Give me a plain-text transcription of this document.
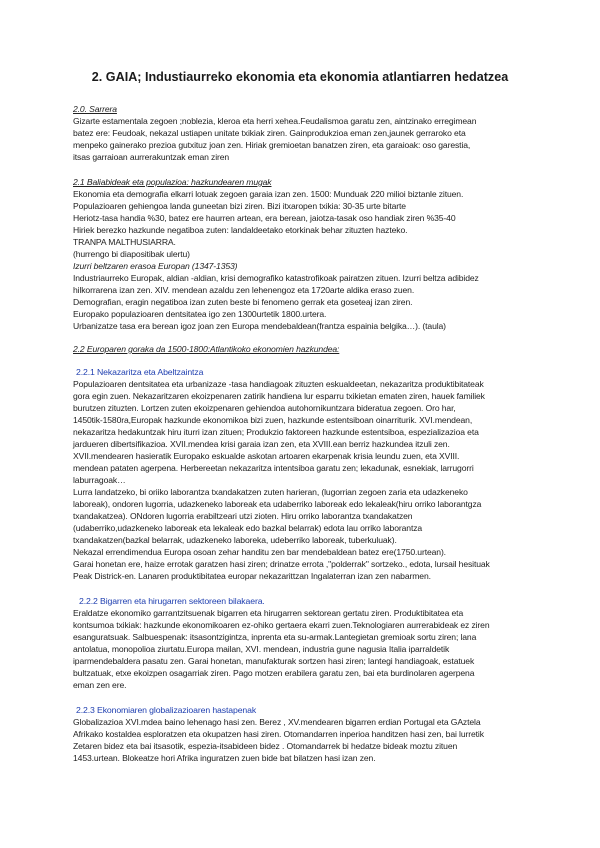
2. GAIA; Industiaurreko ekonomia eta ekonomia atlantiarren hedatzea
2.0. Sarrera
Gizarte estamentala zegoen ;noblezia, kleroa eta herri xehea.Feudalismoa garatu zen, aintzinako erregimean
batez ere: Feudoak, nekazal ustiapen unitate txikiak ziren. Gainprodukzioa eman zen,jaunek gerraroko eta
menpeko gainerako prezioa gutxituz joan zen. Hiriak gremioetan banatzen ziren, eta garaioak: oso garestia,
itsas garraioan aurrerakuntzak eman ziren
2.1 Baliabideak eta populazioa: hazkundearen mugak
Ekonomia eta demografia elkarri lotuak zegoen garaia izan zen. 1500: Munduak 220 milioi biztanle zituen.
Populazioaren gehiengoa landa guneetan bizi ziren. Bizi itxaropen txikia: 30-35 urte bitarte
Heriotz-tasa handia %30, batez ere haurren artean, era berean, jaiotza-tasak oso handiak ziren %35-40
Hiriek berezko hazkunde negatiboa zuten: landaldeetako etorkinak behar zituzten hazteko.
TRANPA MALTHUSIARRA.
(hurrengo bi diapositibak ulertu)
Izurri beltzaren erasoa Europan (1347-1353)
Industriaurreko Europak, aldian -aldian, krisi demografiko katastrofikoak pairatzen zituen. Izurri beltza adibidez
hilkorrarena izan zen. XIV. mendean azaldu zen lehenengoz eta 1720arte aldika eraso zuen.
Demografian, eragin negatiboa izan zuten beste bi fenomeno gerrak eta goseteaj izan ziren.
Europako populazioaren dentsitatea igo zen 1300urtetik 1800.urtera.
Urbanizatze tasa era berean igoz joan zen Europa mendebaldean(frantza espainia belgika…). (taula)
2.2 Europaren goraka da 1500-1800:Atlantikoko ekonomien hazkundea:
2.2.1 Nekazaritza eta Abeltzaintza
Populazioaren dentsitatea eta urbanizaze -tasa handiagoak zituzten eskualdeetan, nekazaritza produktibitateak
gora egin zuen. Nekazaritzaren ekoizpenaren zatirik handiena lur esparru txikietan ematen ziren, hauek familiek
burutzen zituzten. Lortzen zuten ekoizpenaren gehiendoa autohornikuntzara bideratua zegoen. Oro har,
1450tik-1580ra,Europak hazkunde ekonomikoa bizi zuen, hazkunde estentsiboan oinarriturik. XVI.mendean,
nekazaritza hedakuntzak hiru iturri izan zituen; Produkzio faktoreen hazkunde estentsiboa, espezializazioa eta
jardueren dibertsifikazioa. XVII.mendea krisi garaia izan zen, eta XVIII.ean berriz hazkundea itzuli zen.
XVII.mendearen hasieratik Europako eskualde askotan artoaren ekarpenak krisia leundu zuen, eta XVIII.
mendean pataten agerpena. Herbereetan nekazaritza intentsiboa garatu zen; lekadunak, esnekiak, larrugorri
laburragoak…
Lurra landatzeko, bi oriiko laborantza txandakatzen zuten harieran, (lugorrian zegoen zaria eta udazkeneko
laboreak), ondoren lugorria, udazkeneko laboreak eta udaberriko laboreak edo lekaleak(hiru orriko laborantgza
txandakatzea). ONdoren lugorria erabiltzeari utzi zioten. Hiru orriko laborantza txandakatzen
(udaberriko,udazkeneko laboreak eta lekaleak edo bazkal belarrak) edota lau orriko laborantza
txandakatzen(bazkal belarrak, udazkeneko laboreka, udeberriko laboreak, tuberkuluak).
Nekazal errendimendua Europa osoan zehar handitu zen bar mendebaldean batez ere(1750.urtean).
Garai honetan ere, haize errotak garatzen hasi ziren; drinatze errota ,"polderrak" sortzeko., edota, lursail hesituak
Peak Districk-en. Lanaren produktibitatea europar nekazarittzan Ingalaterran izan zen nabarmen.
2.2.2 Bigarren eta hirugarren sektoreen bilakaera.
Eraldatze ekonomiko garrantzitsuenak bigarren eta hirugarren sektorean gertatu ziren. Produktibitatea eta
kontsumoa txikiak: hazkunde ekonomikoaren ez-ohiko gertaera ekarri zuen.Teknologiaren aurrerabideak ez ziren
esanguratsuak. Salbuespenak: itsasontzigintza, inprenta eta su-armak.Lantegietan gremioak sortu ziren; lana
antolatua, monopolioa ziurtatu.Europa mailan, XVI. mendean, industria gune nagusia Italia iparraldetik
iparmendebaldera pasatu zen. Garai honetan, manufakturak sortzen hasi ziren; lantegi handiagoak, estatuek
bultzatuak, etxe ekoizpen osagarriak ziren. Pago motzen erabilera garatu zen, bai eta burdinolaren agerpena
eman zen ere.
2.2.3 Ekonomiaren globalizazioaren hastapenak
Globalizazioa XVI.mdea baino lehenago hasi zen. Berez , XV.mendearen bigarren erdian Portugal eta GAztela
Afrikako kostaldea esploratzen eta okupatzen hasi ziren. Otomandarren inperioa handitzen hasi zen, bai lurretik
Zetaren bidez eta bai itsasotik, espezia-itsabideen bidez . Otomandarrek bi hedatze bideak moztu zituen
1453.urtean. Blokeatze hori Afrika inguratzen zuen bide bat bilatzen hasi izan zen.
